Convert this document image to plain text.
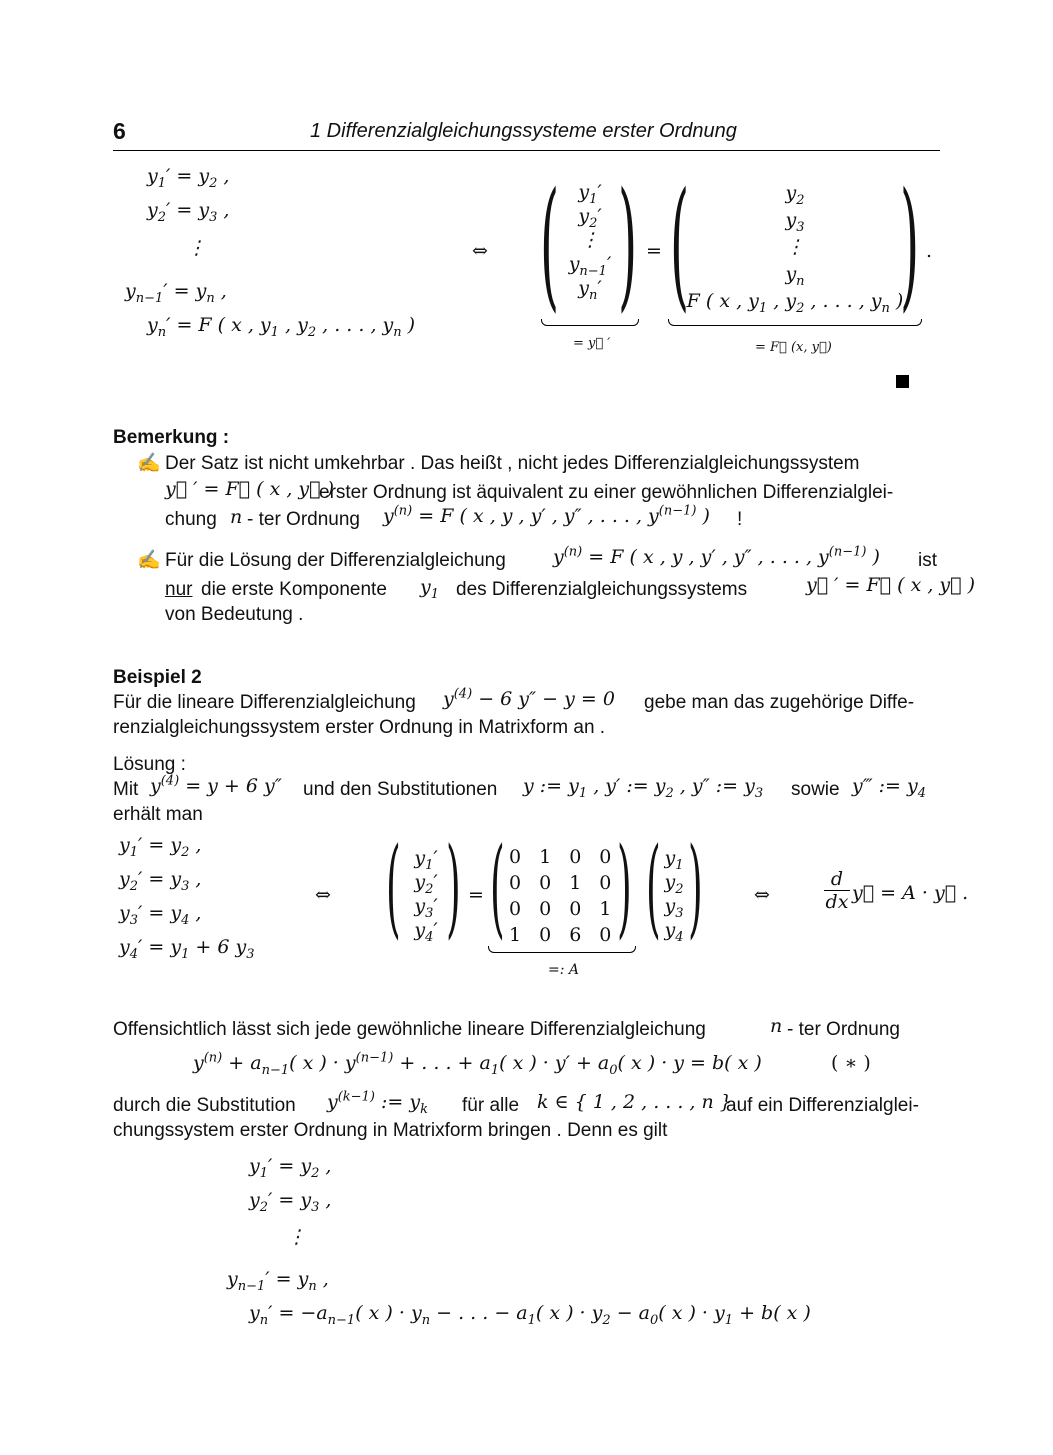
6	1 Differenzialgleichungssysteme erster Ordnung
$y_1' = y_2$ ,
$y_2' = y_3$ ,
⋮
$y_{n-1}' = y_n$ ,
$y_n' = F$ ( x , $y_1$ , $y_2$ , . . . , $y_n$ )
⇔ ( $y_1'$
$y_2'$
⋮
$y_{n-1}'$
$y_n'$ )
= y⃗ ′
= (	$y_2$
$y_3$
⋮
$y_n$
F ( x , $y_1$ , $y_2$ , . . . , $y_n$ )
) .
= F⃗ (x, y⃗)
Bemerkung :
✍ Der Satz ist nicht umkehrbar . Das heißt , nicht jedes Differenzialgleichungssystem
y⃗ ′ = F⃗ ( x , y⃗ )
erster Ordnung ist äquivalent zu einer gewöhnlichen Differenzialglei-
chung n - ter Ordnung $y^{(n)} = F$ ( x , y , y′ , y″ , . . . , $y^{(n-1)}$ ) !
✍ Für die Lösung der Differenzialgleichung $y^{(n)} = F$ ( x , y , y′ , y″ , . . . , $y^{(n-1)}$ ) ist
nur die erste Komponente $y_1$ des Differenzialgleichungssystems	y⃗ ′ = F⃗ ( x , y⃗ )
von Bedeutung .
Beispiel 2
Für die lineare Differenzialgleichung $y^{(4)} - 6$ y″ − y = 0 gebe man das zugehörige Diffe-
renzialgleichungssystem erster Ordnung in Matrixform an .
Lösung :
Mit $y^{(4)} = y + 6$ y″ und den Substitutionen y := $y_1$ , y′ := $y_2$ , y″ := $y_3$ sowie y‴ := $y_4$
erhält man
$y_1' = y_2$ ,
$y_2' = y_3$ ,
$y_3' = y_4$ ,
$y_4' = y_1 + 6$ $y_3$
⇔ ( $y_1'$
$y_2'$
$y_3'$
$y_4'$ ) = ( 0	1	0	0
0	0	1	0
0	0	0	1
1	0	6	0 )
=: A
( $y_1$
$y_2$
$y_3$
$y_4$ )	⇔
d
dx y⃗ = A · y⃗ .
Offensichtlich lässt sich jede gewöhnliche lineare Differenzialgleichung	n - ter Ordnung
$y^{(n)} + a_{n-1}$( x ) · $y^{(n-1)}$ + . . . + $a_1$( x ) · $y' + a_0$( x ) · y = b( x )	( ∗ )
durch die Substitution $y^{(k-1)}$ := $y_k$ für alle k ∈ { 1 , 2 , . . . , n }
auf ein Differenzialglei-
chungssystem erster Ordnung in Matrixform bringen . Denn es gilt
$y_1' = y_2$ ,
$y_2' = y_3$ ,
⋮
$y_{n-1}' = y_n$ ,
$y_n' = -a_{n-1}$( x ) · $y_n$ − . . . − $a_1$( x ) · $y_2 - a_0$( x ) · $y_1 + b$( x )
